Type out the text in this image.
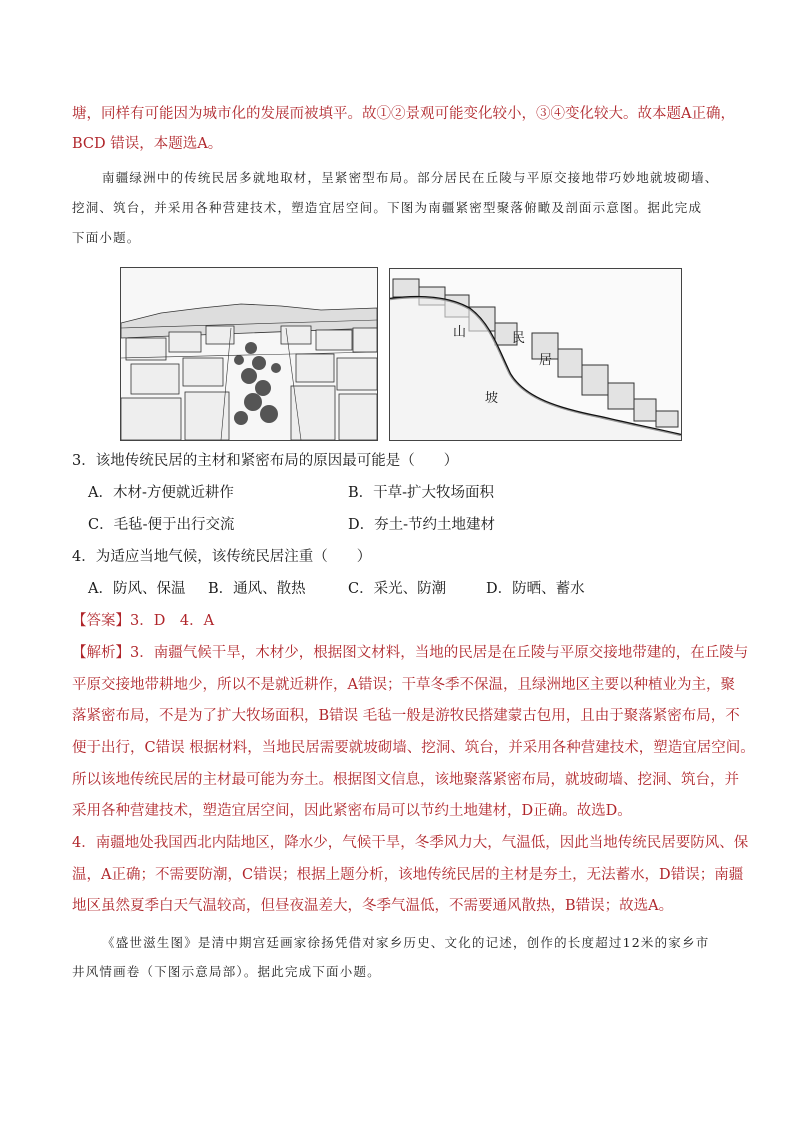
塘，同样有可能因为城市化的发展而被填平。故①②景观可能变化较小，③④变化较大。故本题A正确，
BCD 错误，本题选A。
南疆绿洲中的传统民居多就地取材，呈紧密型布局。部分居民在丘陵与平原交接地带巧妙地就坡砌墙、
挖洞、筑台，并采用各种营建技术，塑造宜居空间。下图为南疆紧密型聚落俯瞰及剖面示意图。据此完成
下面小题。
山
坡
民
居
3．该地传统民居的主材和紧密布局的原因最可能是（　　）
A．木材-方便就近耕作	B．干草-扩大牧场面积
C．毛毡-便于出行交流	D．夯土-节约土地建材
4．为适应当地气候，该传统民居注重（　　）
A．防风、保温 B．通风、散热	C．采光、防潮	D．防晒、蓄水
【答案】3．D　4．A
【解析】3．南疆气候干旱，木材少，根据图文材料，当地的民居是在丘陵与平原交接地带建的，在丘陵与
平原交接地带耕地少，所以不是就近耕作，A错误；干草冬季不保温，且绿洲地区主要以种植业为主，聚
落紧密布局，不是为了扩大牧场面积，B错误 毛毡一般是游牧民搭建蒙古包用，且由于聚落紧密布局，不
便于出行，C错误 根据材料，当地民居需要就坡砌墙、挖洞、筑台，并采用各种营建技术，塑造宜居空间。
所以该地传统民居的主材最可能为夯土。根据图文信息，该地聚落紧密布局，就坡砌墙、挖洞、筑台，并
采用各种营建技术，塑造宜居空间，因此紧密布局可以节约土地建材，D正确。故选D。
4．南疆地处我国西北内陆地区，降水少，气候干旱，冬季风力大，气温低，因此当地传统民居要防风、保
温，A正确；不需要防潮，C错误；根据上题分析，该地传统民居的主材是夯土，无法蓄水，D错误；南疆
地区虽然夏季白天气温较高，但昼夜温差大，冬季气温低，不需要通风散热，B错误；故选A。
《盛世滋生图》是清中期宫廷画家徐扬凭借对家乡历史、文化的记述，创作的长度超过12米的家乡市
井风情画卷（下图示意局部）。据此完成下面小题。
